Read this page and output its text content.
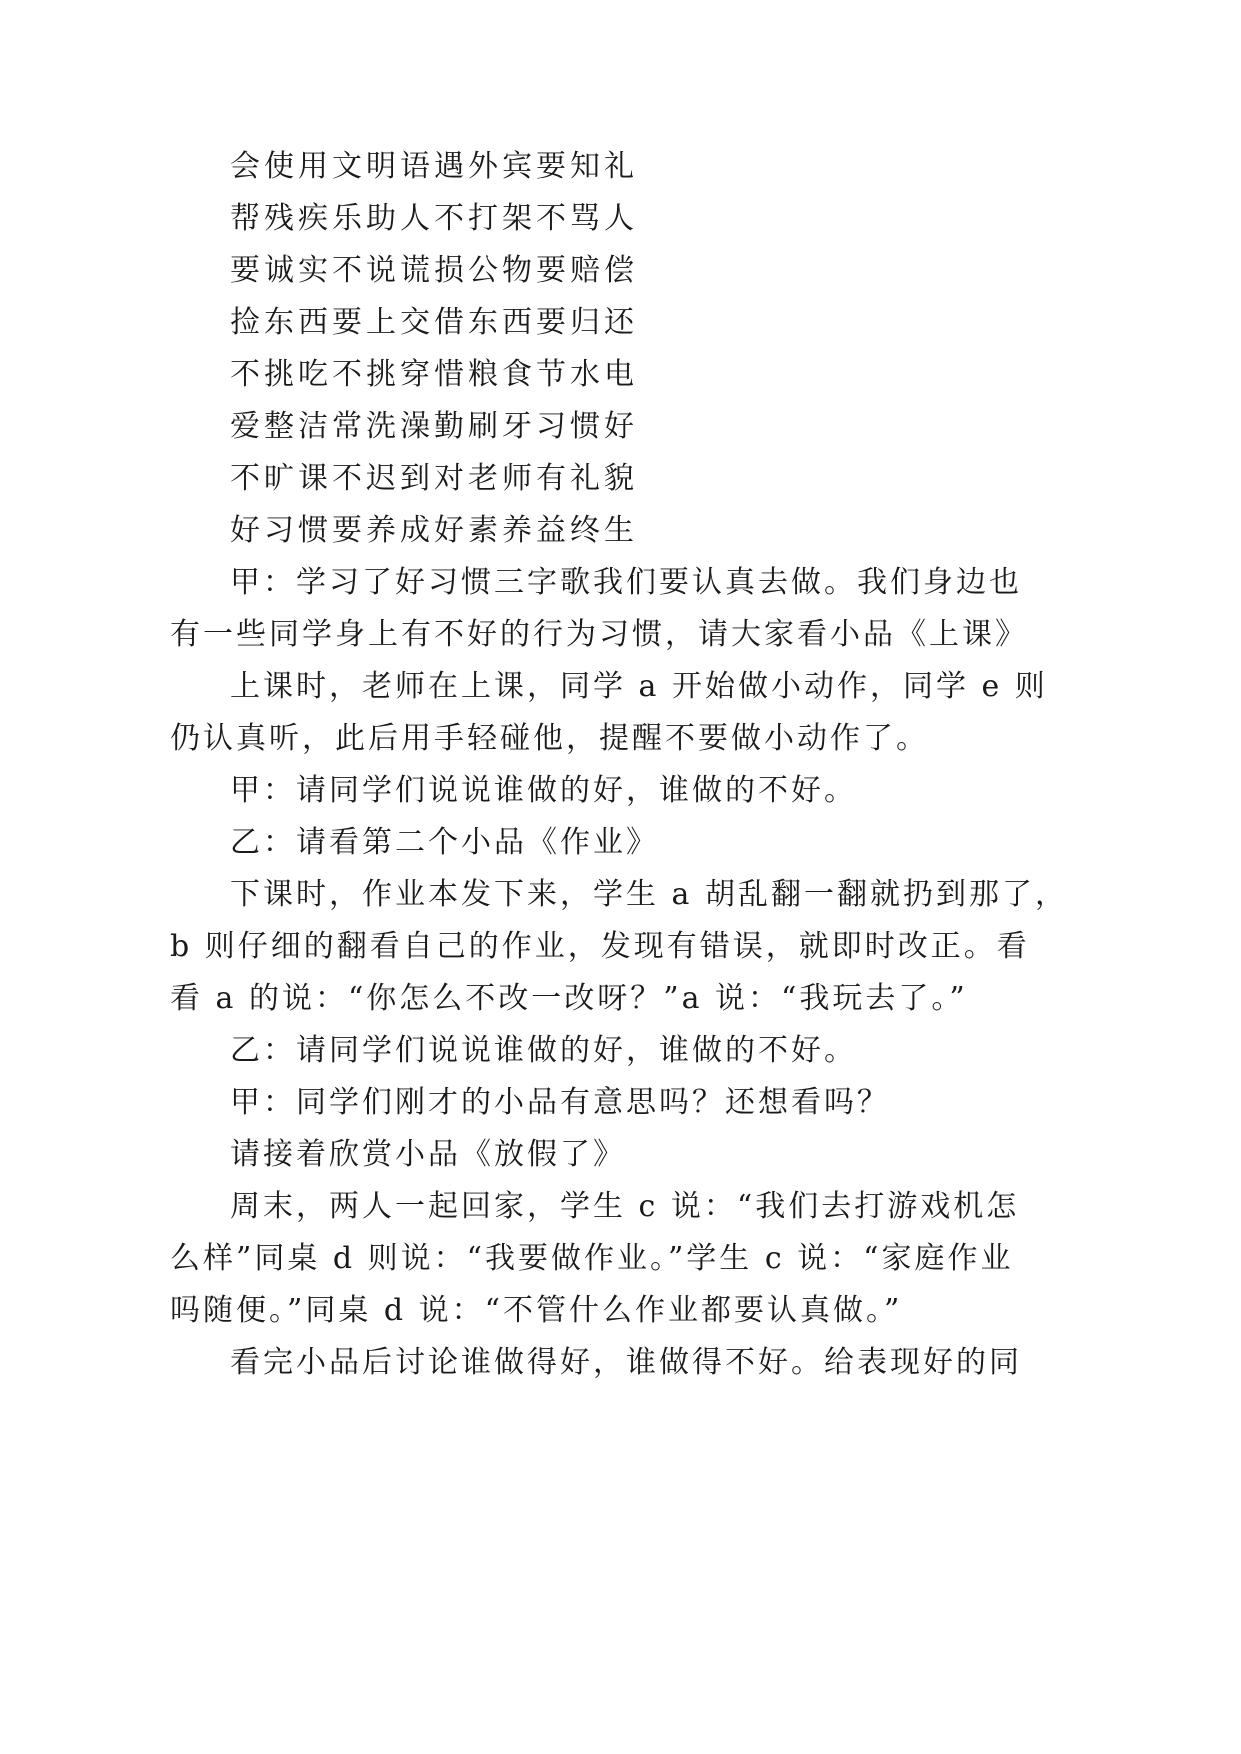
会使用文明语遇外宾要知礼
帮残疾乐助人不打架不骂人
要诚实不说谎损公物要赔偿
捡东西要上交借东西要归还
不挑吃不挑穿惜粮食节水电
爱整洁常洗澡勤刷牙习惯好
不旷课不迟到对老师有礼貌
好习惯要养成好素养益终生
甲：学习了好习惯三字歌我们要认真去做。我们身边也
有一些同学身上有不好的行为习惯，请大家看小品《上课》
上课时，老师在上课，同学 a 开始做小动作，同学 e 则
仍认真听，此后用手轻碰他，提醒不要做小动作了。
甲：请同学们说说谁做的好，谁做的不好。
乙：请看第二个小品《作业》
下课时，作业本发下来，学生 a 胡乱翻一翻就扔到那了，
b 则仔细的翻看自己的作业，发现有错误，就即时改正。看
看 a 的说：“你怎么不改一改呀？”a 说：“我玩去了。”
乙：请同学们说说谁做的好，谁做的不好。
甲：同学们刚才的小品有意思吗？还想看吗？
请接着欣赏小品《放假了》
周末，两人一起回家，学生 c 说：“我们去打游戏机怎
么样”同桌 d 则说：“我要做作业。”学生 c 说：“家庭作业
吗随便。”同桌 d 说：“不管什么作业都要认真做。”
看完小品后讨论谁做得好，谁做得不好。给表现好的同
